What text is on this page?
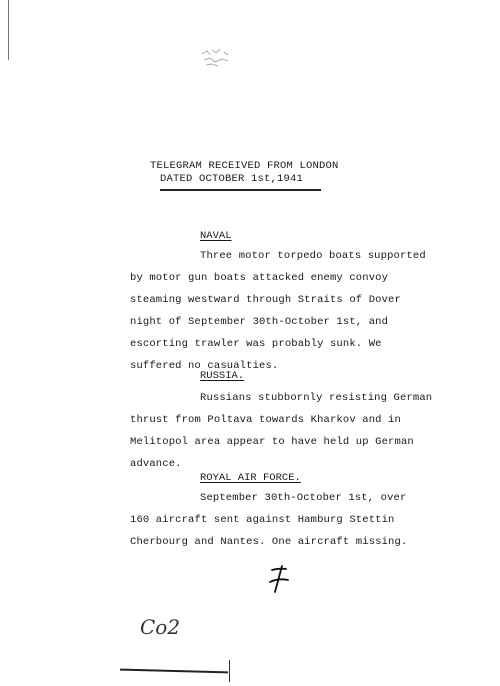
TELEGRAM RECEIVED FROM LONDON
DATED OCTOBER 1st,1941
NAVAL
Three motor torpedo boats supported
by motor gun boats attacked enemy convoy
steaming westward through Straits of Dover
night of September 30th-October 1st, and
escorting trawler was probably sunk. We
suffered no casualties.
RUSSIA.
Russians stubbornly resisting German
thrust from Poltava towards Kharkov and in
Melitopol area appear to have held up German
advance.
ROYAL AIR FORCE.
September 30th-October 1st, over
160 aircraft sent against Hamburg Stettin
Cherbourg and Nantes. One aircraft missing.
Co2
